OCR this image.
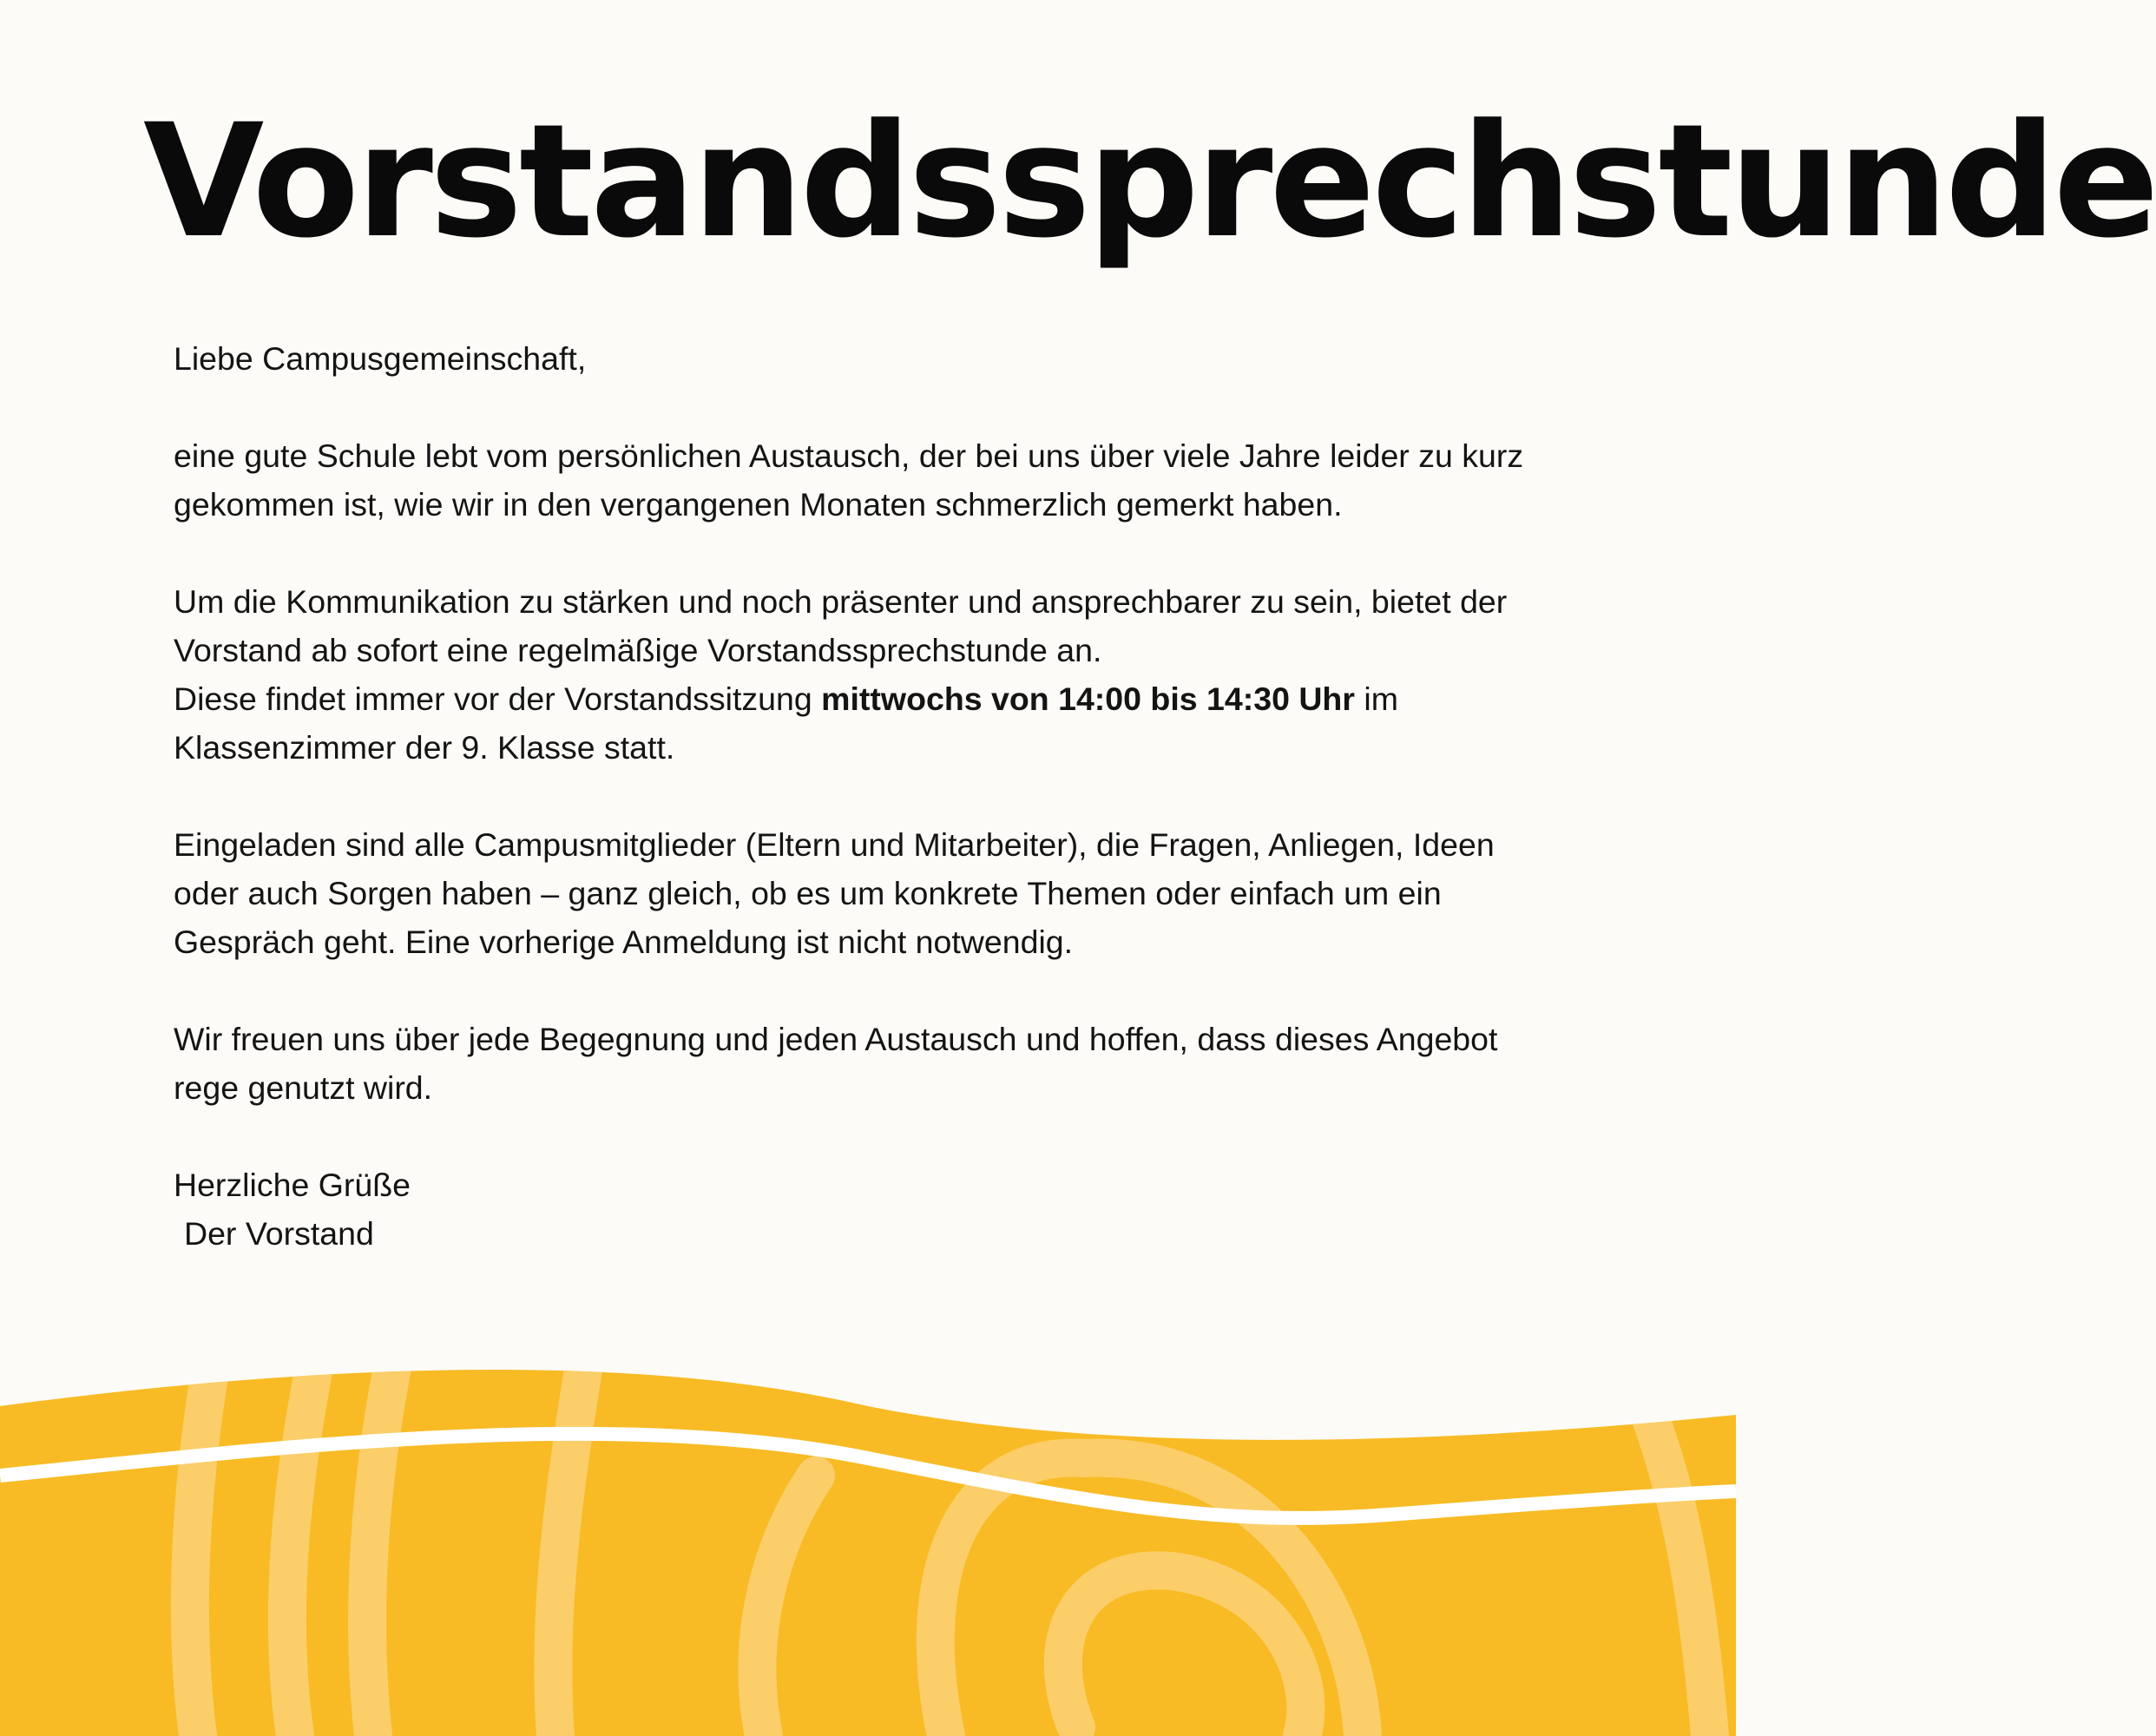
Vorstandssprechstunde

Liebe Campusgemeinschaft,

eine gute Schule lebt vom persönlichen Austausch, der bei uns über viele Jahre leider zu kurz gekommen ist, wie wir in den vergangenen Monaten schmerzlich gemerkt haben.

Um die Kommunikation zu stärken und noch präsenter und ansprechbarer zu sein, bietet der Vorstand ab sofort eine regelmäßige Vorstandssprechstunde an.
Diese findet immer vor der Vorstandssitzung mittwochs von 14:00 bis 14:30 Uhr im Klassenzimmer der 9. Klasse statt.

Eingeladen sind alle Campusmitglieder (Eltern und Mitarbeiter), die Fragen, Anliegen, Ideen oder auch Sorgen haben – ganz gleich, ob es um konkrete Themen oder einfach um ein Gespräch geht. Eine vorherige Anmeldung ist nicht notwendig.

Wir freuen uns über jede Begegnung und jeden Austausch und hoffen, dass dieses Angebot rege genutzt wird.

Herzliche Grüße

Der Vorstand
